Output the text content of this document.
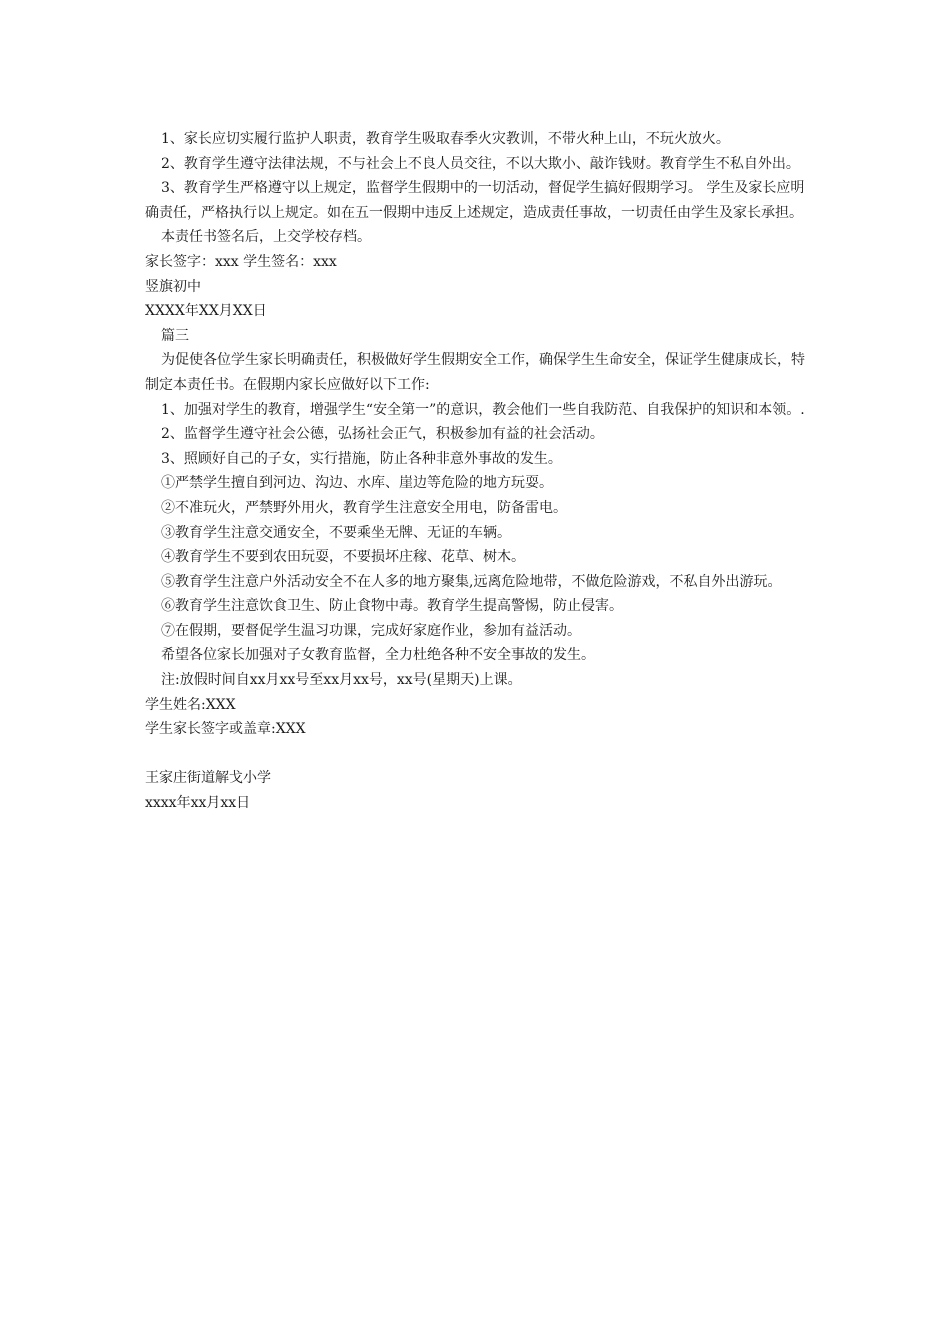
1、家长应切实履行监护人职责，教育学生吸取春季火灾教训，不带火种上山，不玩火放火。

2、教育学生遵守法律法规，不与社会上不良人员交往，不以大欺小、敲诈钱财。教育学生不私自外出。

3、教育学生严格遵守以上规定，监督学生假期中的一切活动，督促学生搞好假期学习。 学生及家长应明确责任，严格执行以上规定。如在五一假期中违反上述规定，造成责任事故，一切责任由学生及家长承担。

本责任书签名后，上交学校存档。

家长签字：xxx 学生签名：xxx

竖旗初中

XXXX年XX月XX日

篇三

为促使各位学生家长明确责任，积极做好学生假期安全工作，确保学生生命安全，保证学生健康成长，特制定本责任书。在假期内家长应做好以下工作:

1、加强对学生的教育，增强学生“安全第一”的意识，教会他们一些自我防范、自我保护的知识和本领。.

2、监督学生遵守社会公德，弘扬社会正气，积极参加有益的社会活动。

3、照顾好自己的子女，实行措施，防止各种非意外事故的发生。

①严禁学生擅自到河边、沟边、水库、崖边等危险的地方玩耍。

②不准玩火，严禁野外用火，教育学生注意安全用电，防备雷电。

③教育学生注意交通安全，不要乘坐无牌、无证的车辆。

④教育学生不要到农田玩耍，不要损坏庄稼、花草、树木。

⑤教育学生注意户外活动安全不在人多的地方聚集,远离危险地带，不做危险游戏，不私自外出游玩。

⑥教育学生注意饮食卫生、防止食物中毒。教育学生提高警惕，防止侵害。

⑦在假期，要督促学生温习功课，完成好家庭作业，参加有益活动。

希望各位家长加强对子女教育监督，全力杜绝各种不安全事故的发生。

注:放假时间自xx月xx号至xx月xx号，xx号(星期天)上课。

学生姓名:XXX

学生家长签字或盖章:XXX

王家庄街道解戈小学

xxxx年xx月xx日
